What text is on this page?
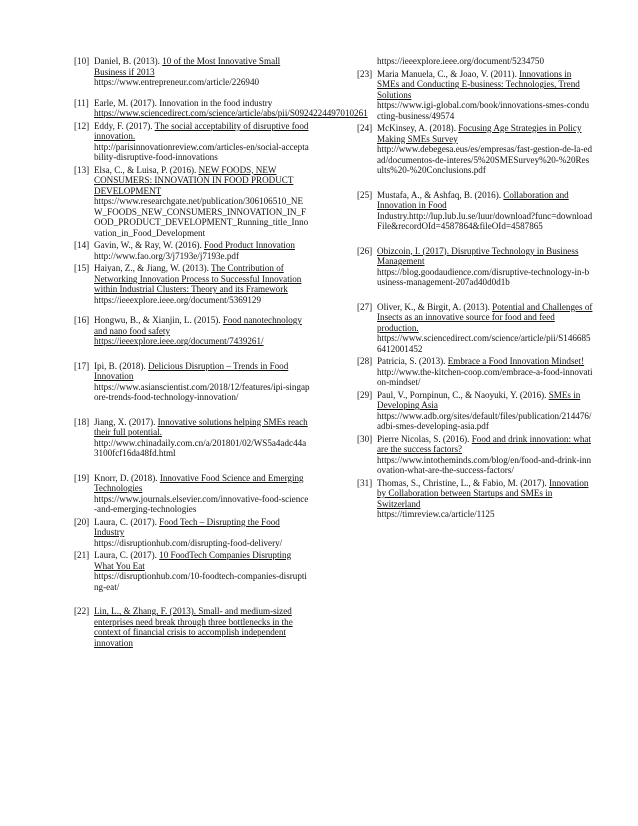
[10] Daniel, B. (2013). 10 of the Most Innovative Small Business if 2013
https://www.entrepreneur.com/article/226940
[11] Earle, M. (2017). Innovation in the food industry https://www.sciencedirect.com/science/article/abs/pii/S0924224497010261
[12] Eddy, F. (2017). The social acceptability of disruptive food innovation.
http://parisinnovationreview.com/articles-en/social-acceptability-disruptive-food-innovations
[13] Elsa, C., & Luisa, P. (2016). NEW FOODS, NEW CONSUMERS: INNOVATION IN FOOD PRODUCT DEVELOPMENT
https://www.researchgate.net/publication/306106510_NEW_FOODS_NEW_CONSUMERS_INNOVATION_IN_FOOD_PRODUCT_DEVELOPMENT_Running_title_Innovation_in_Food_Development
[14] Gavin, W., & Ray, W. (2016). Food Product Innovation
http://www.fao.org/3/j7193e/j7193e.pdf
[15] Haiyan, Z., & Jiang, W. (2013). The Contribution of Networking Innovation Process to Successful Innovation within Industrial Clusters: Theory and its Framework
https://ieeexplore.ieee.org/document/5369129
[16] Hongwu, B., & Xianjin, L. (2015). Food nanotechnology and nano food safety https://ieeexplore.ieee.org/document/7439261/
[17] Ipi, B. (2018). Delicious Disruption – Trends in Food Innovation
https://www.asianscientist.com/2018/12/features/ipi-singapore-trends-food-technology-innovation/
[18] Jiang, X. (2017). Innovative solutions helping SMEs reach their full potential.
http://www.chinadaily.com.cn/a/201801/02/WS5a4adc44a3100fcf16da48fd.html
[19] Knorr, D. (2018). Innovative Food Science and Emerging Technologies
https://www.journals.elsevier.com/innovative-food-science-and-emerging-technologies
[20] Laura, C. (2017). Food Tech – Disrupting the Food Industry
https://disruptionhub.com/disrupting-food-delivery/
[21] Laura, C. (2017). 10 FoodTech Companies Disrupting What You Eat
https://disruptionhub.com/10-foodtech-companies-disrupting-eat/
[22] Lin, L., & Zhang, F. (2013). Small- and medium-sized enterprises need break through three bottlenecks in the context of financial crisis to accomplish independent innovation
https://ieeexplore.ieee.org/document/5234750
[23] Maria Manuela, C., & Joao, V. (2011). Innovations in SMEs and Conducting E-business: Technologies, Trend Solutions
https://www.igi-global.com/book/innovations-smes-conducting-business/49574
[24] McKinsey, A. (2018). Focusing Age Strategies in Policy Making SMEs Survey
http://www.debegesa.eus/es/empresas/fast-gestion-de-la-edad/documentos-de-interes/5%20SMESurvey%20-%20Results%20-%20Conclusions.pdf
[25] Mustafa, A., & Ashfaq, B. (2016). Collaboration and Innovation in Food
Industry.http://lup.lub.lu.se/luur/download?func=downloadFile&recordOId=4587864&fileOId=4587865
[26] Obizcoin, I. (2017). Disruptive Technology in Business Management
https://blog.goodaudience.com/disruptive-technology-in-business-management-207ad40d0d1b
[27] Oliver, K., & Birgit, A. (2013). Potential and Challenges of Insects as an innovative source for food and feed production.
https://www.sciencedirect.com/science/article/pii/S1466856412001452
[28] Patricia, S. (2013). Embrace a Food Innovation Mindset!
http://www.the-kitchen-coop.com/embrace-a-food-innovation-mindset/
[29] Paul, V., Pornpinun, C., & Naoyuki, Y. (2016). SMEs in Developing Asia
https://www.adb.org/sites/default/files/publication/214476/adbi-smes-developing-asia.pdf
[30] Pierre Nicolas, S. (2016). Food and drink innovation: what are the success factors?
https://www.intotheminds.com/blog/en/food-and-drink-innovation-what-are-the-success-factors/
[31] Thomas, S., Christine, L., & Fabio, M. (2017). Innovation by Collaboration between Startups and SMEs in Switzerland
https://timreview.ca/article/1125
